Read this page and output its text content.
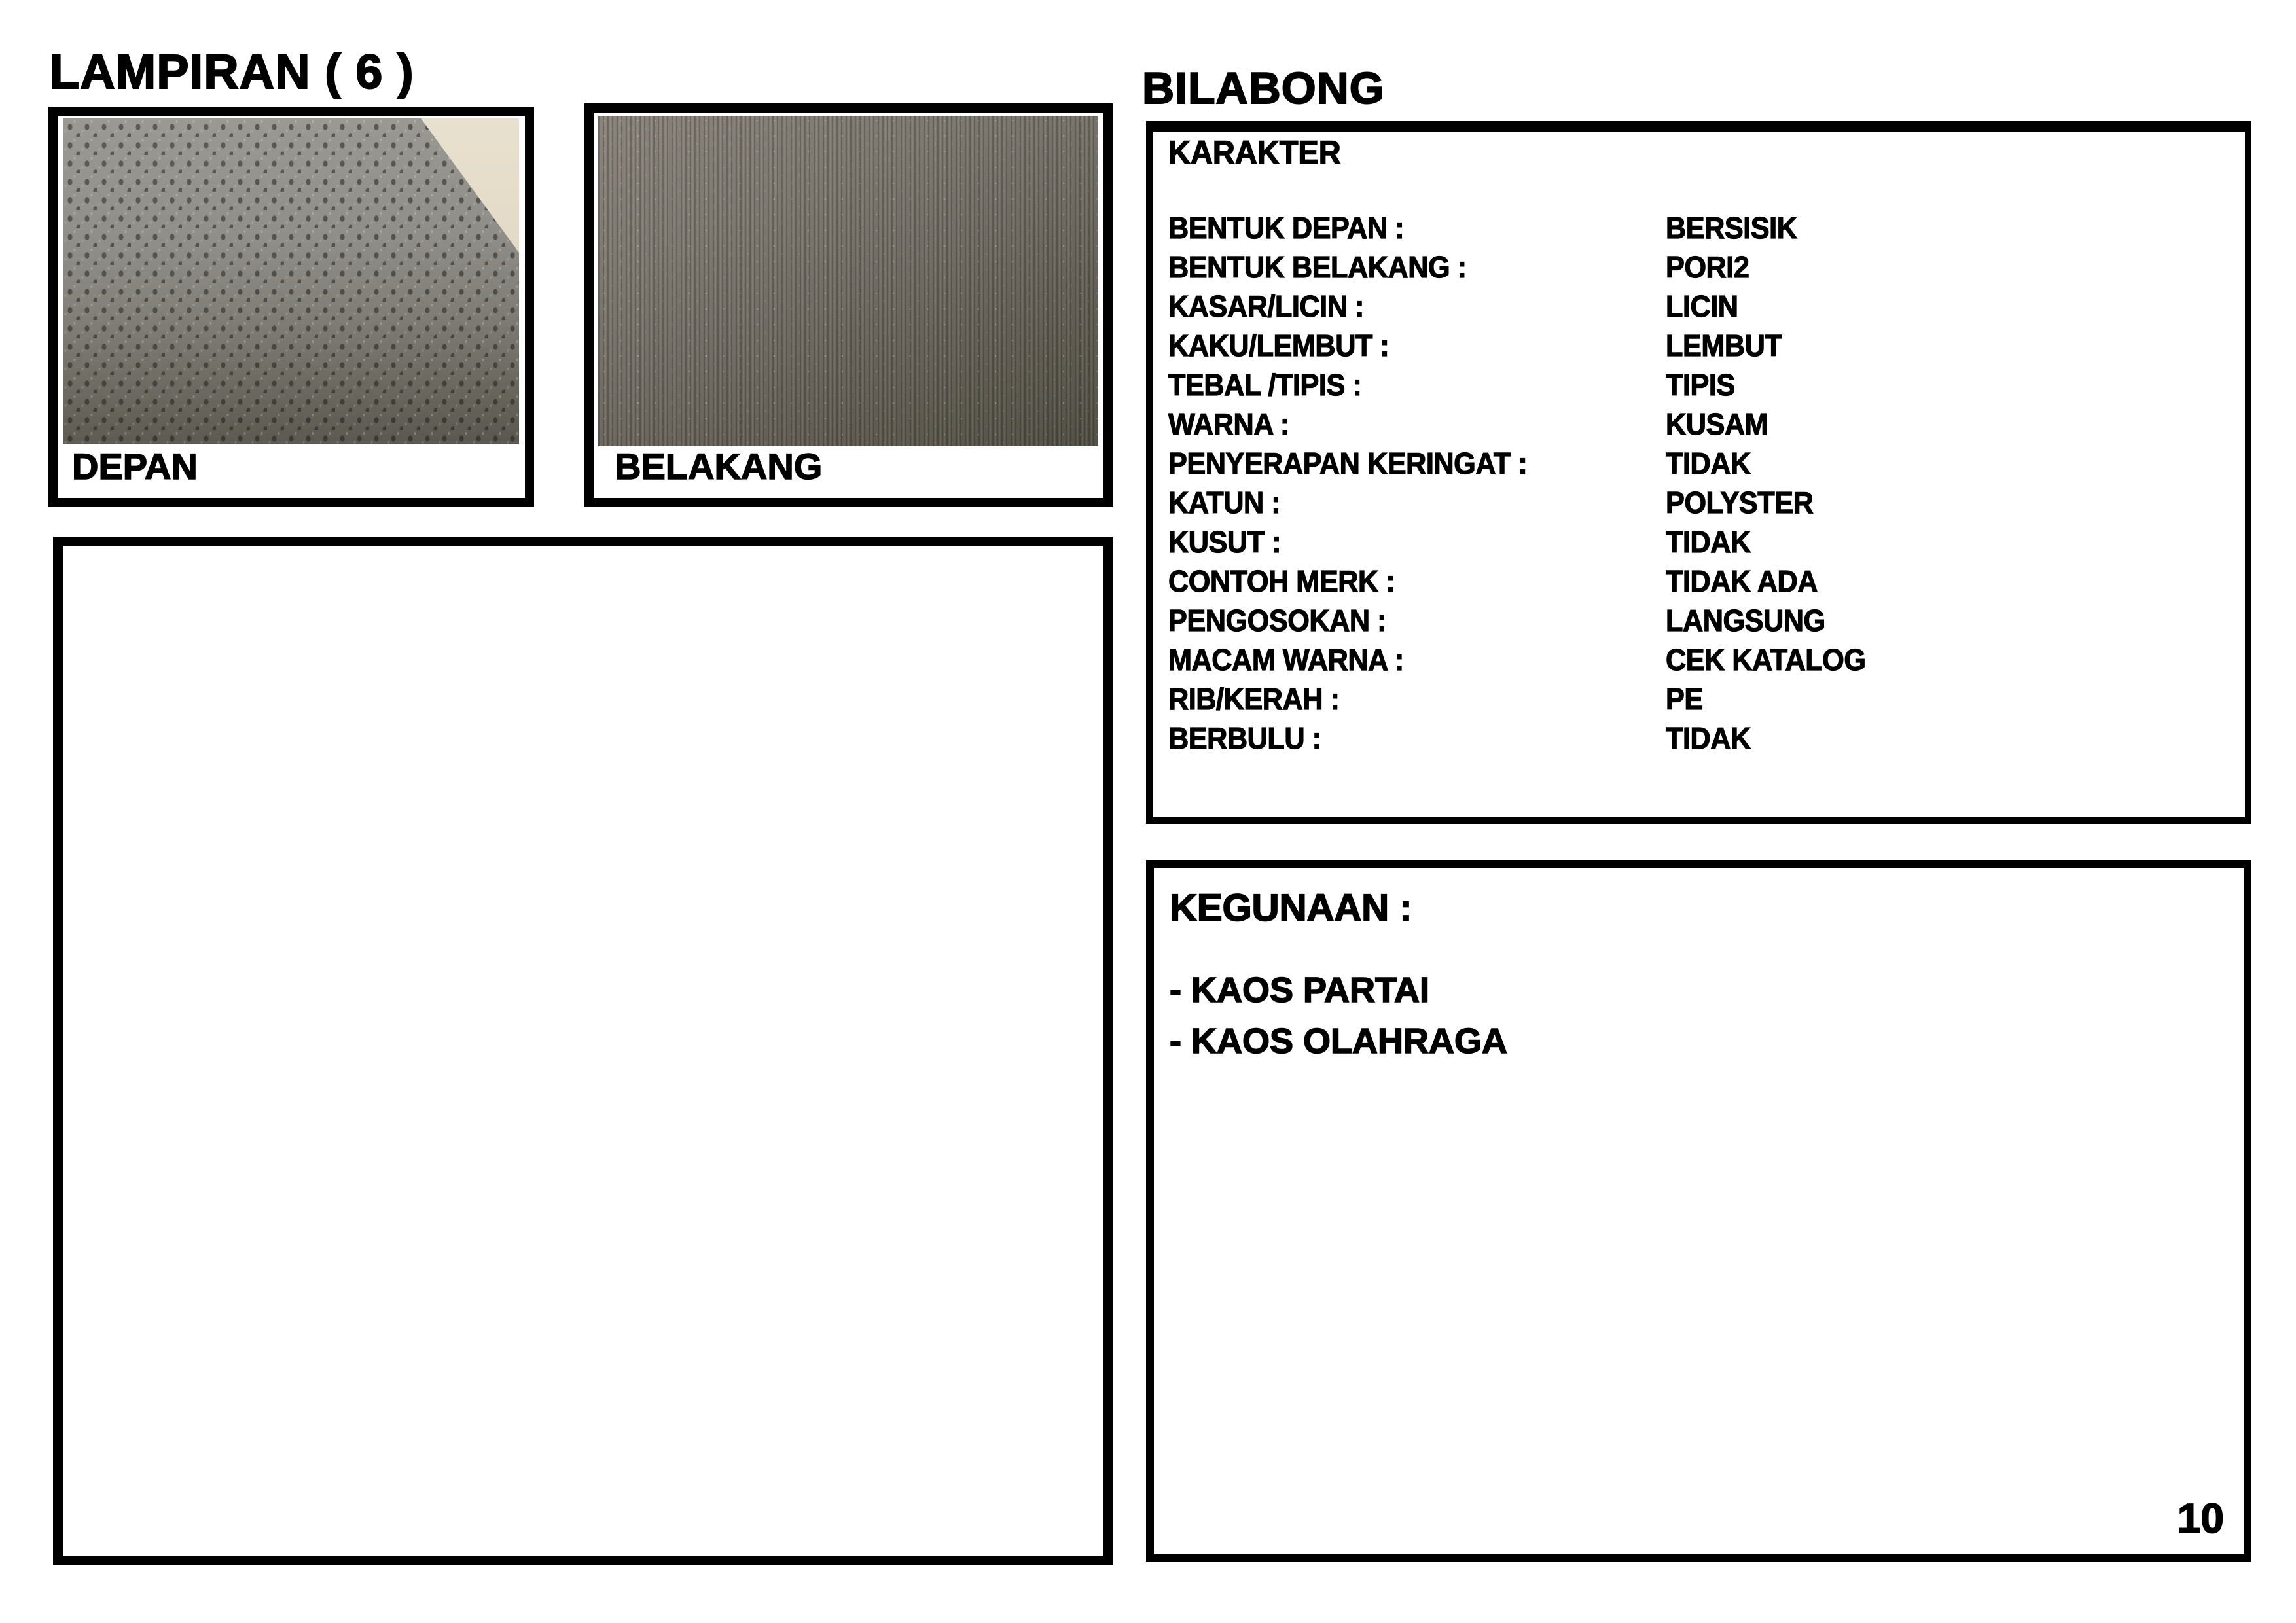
LAMPIRAN ( 6 )	BILABONG
DEPAN	BELAKANG
KARAKTER
BENTUK DEPAN :	BERSISIK
BENTUK BELAKANG :	PORI2
KASAR/LICIN :	LICIN
KAKU/LEMBUT :	LEMBUT
TEBAL /TIPIS :	TIPIS
WARNA :	KUSAM
PENYERAPAN KERINGAT :	TIDAK
KATUN :	POLYSTER
KUSUT :	TIDAK
CONTOH MERK :	TIDAK ADA
PENGOSOKAN :	LANGSUNG
MACAM WARNA :	CEK KATALOG
RIB/KERAH :	PE
BERBULU :	TIDAK
KEGUNAAN :
- KAOS PARTAI
- KAOS OLAHRAGA
10
